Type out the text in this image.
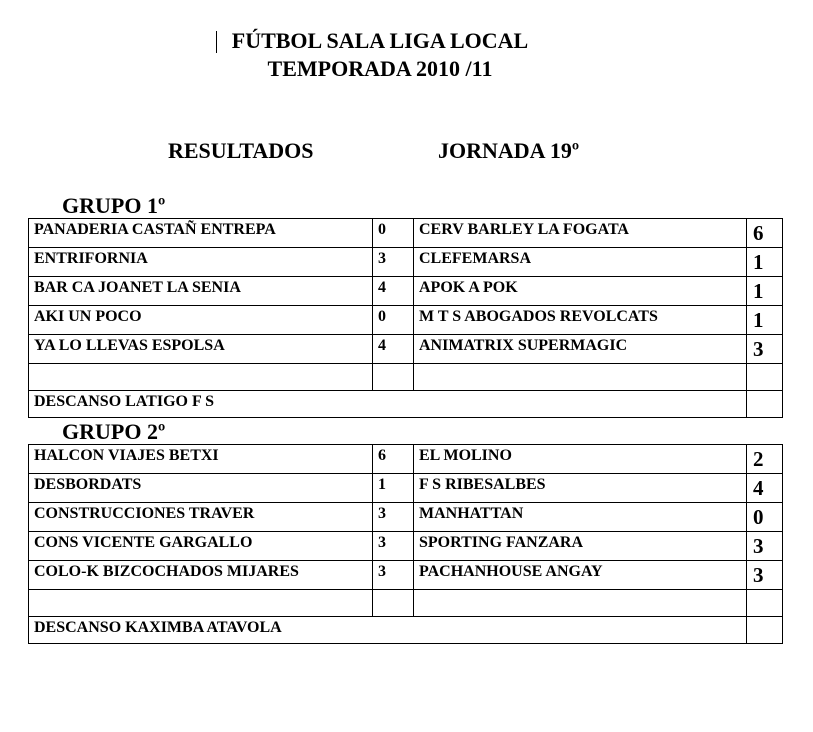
FÚTBOL SALA LIGA LOCAL
TEMPORADA 2010 /11
RESULTADOS	JORNADA 19º
GRUPO 1º
PANADERIA CASTAÑ ENTREPA	0	CERV BARLEY LA FOGATA	6
ENTRIFORNIA	3	CLEFEMARSA	1
BAR CA JOANET LA SENIA	4	APOK A POK	1
AKI UN POCO	0	M T S ABOGADOS REVOLCATS	1
YA LO LLEVAS ESPOLSA	4	ANIMATRIX SUPERMAGIC	3

DESCANSO LATIGO F S			
GRUPO 2º
HALCON VIAJES BETXI	6	EL MOLINO	2
DESBORDATS	1	F S RIBESALBES	4
CONSTRUCCIONES TRAVER	3	MANHATTAN	0
CONS VICENTE GARGALLO	3	SPORTING FANZARA	3
COLO-K BIZCOCHADOS MIJARES	3	PACHANHOUSE ANGAY	3

DESCANSO KAXIMBA ATAVOLA			
